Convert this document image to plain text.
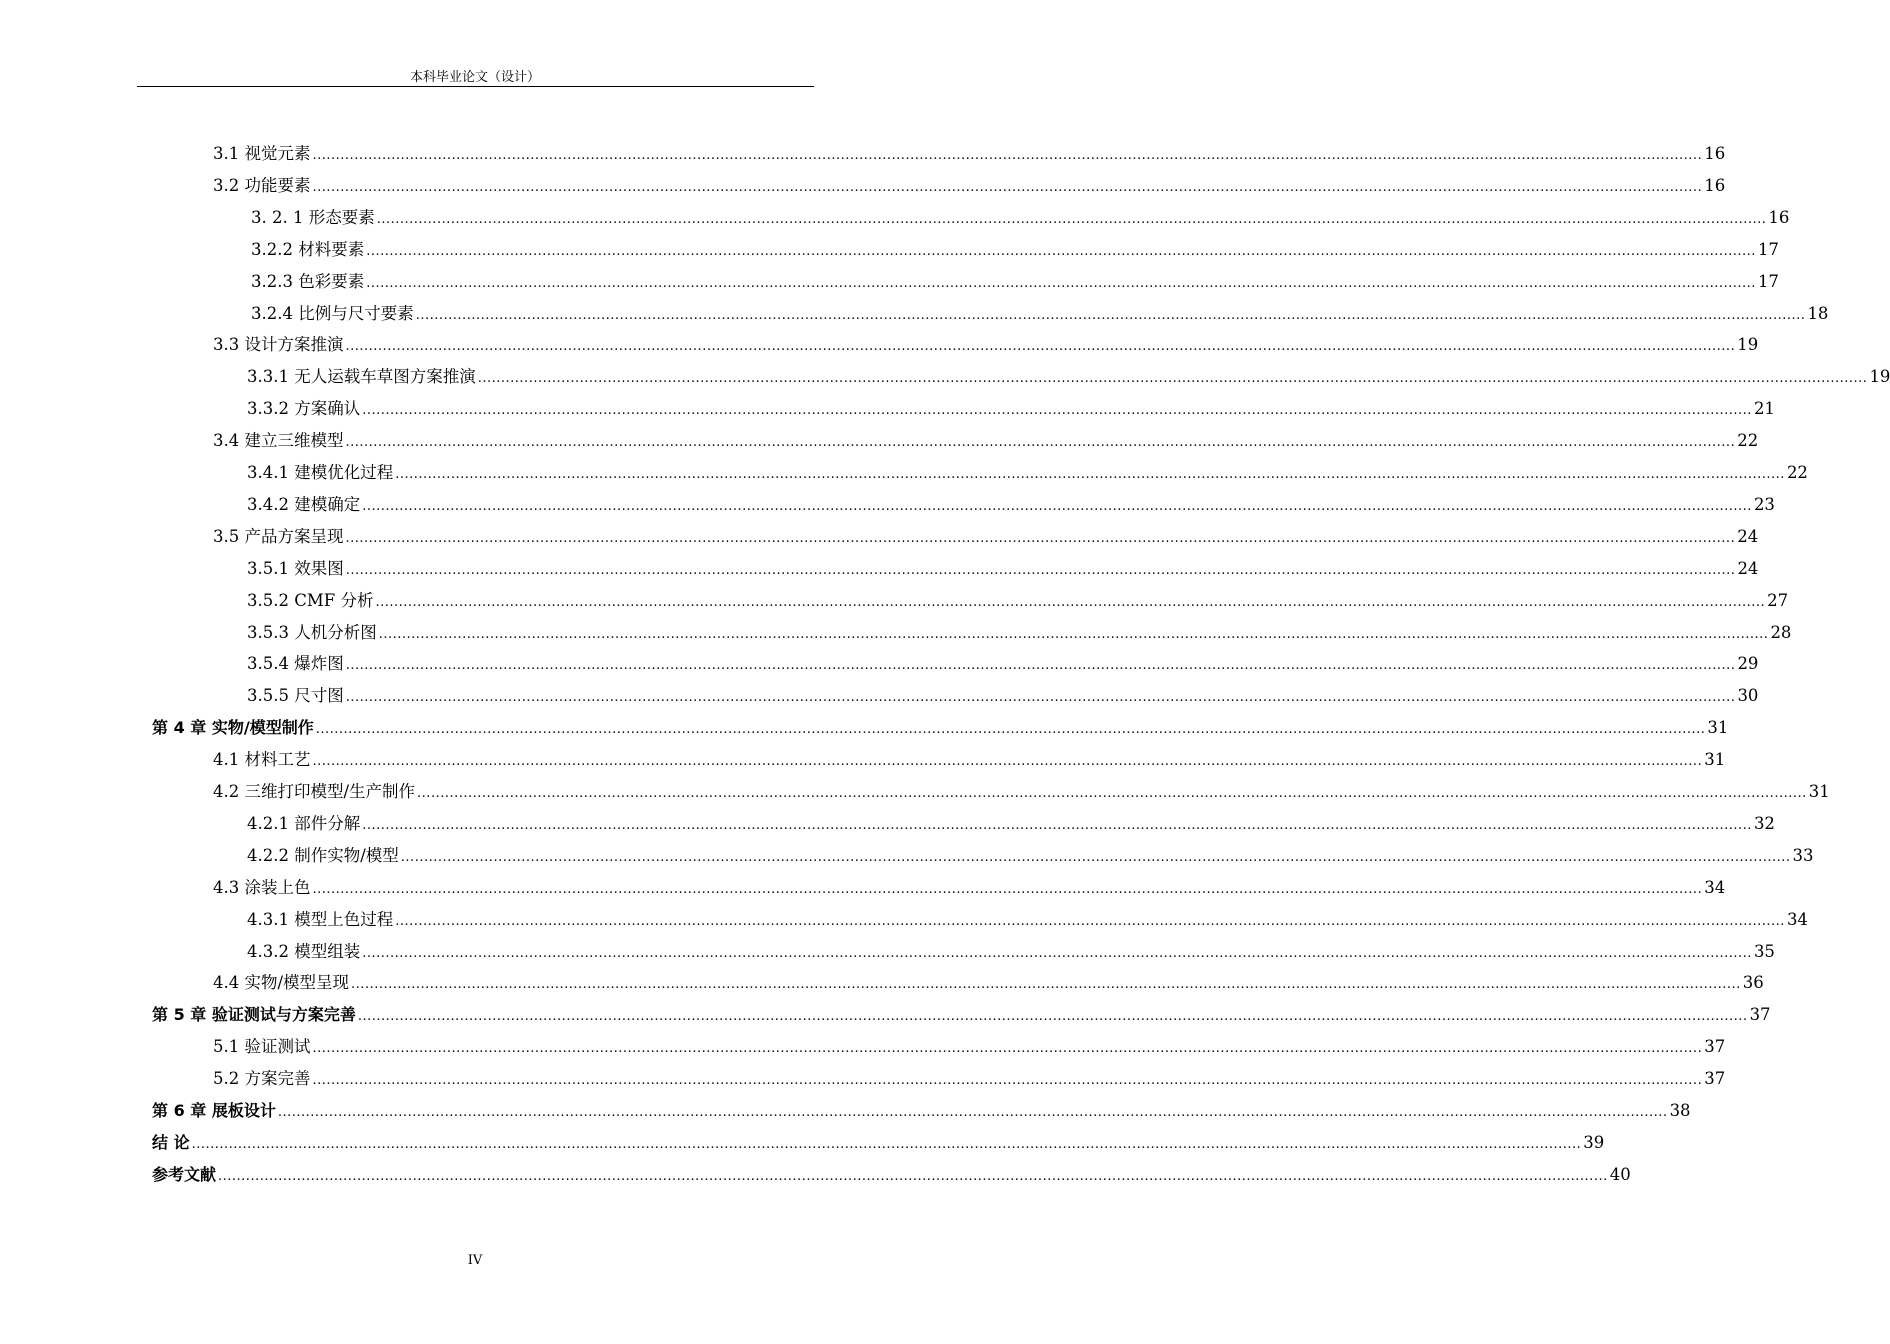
本科毕业论文（设计）
3.1 视觉元素 ............................................................................................................................................................................................................................................................................................................ 16
3.2 功能要素 ............................................................................................................................................................................................................................................................................................................ 16
3. 2. 1 形态要素 ............................................................................................................................................................................................................................................................................................................ 16
3.2.2 材料要素 ............................................................................................................................................................................................................................................................................................................ 17
3.2.3 色彩要素 ............................................................................................................................................................................................................................................................................................................ 17
3.2.4 比例与尺寸要素 ............................................................................................................................................................................................................................................................................................................ 18
3.3 设计方案推演 ............................................................................................................................................................................................................................................................................................................ 19
3.3.1 无人运载车草图方案推演 ............................................................................................................................................................................................................................................................................................................ 19
3.3.2 方案确认 ............................................................................................................................................................................................................................................................................................................ 21
3.4 建立三维模型 ............................................................................................................................................................................................................................................................................................................ 22
3.4.1 建模优化过程 ............................................................................................................................................................................................................................................................................................................ 22
3.4.2 建模确定 ............................................................................................................................................................................................................................................................................................................ 23
3.5 产品方案呈现 ............................................................................................................................................................................................................................................................................................................ 24
3.5.1 效果图 ............................................................................................................................................................................................................................................................................................................ 24
3.5.2 CMF 分析 ............................................................................................................................................................................................................................................................................................................ 27
3.5.3 人机分析图 ............................................................................................................................................................................................................................................................................................................ 28
3.5.4 爆炸图 ............................................................................................................................................................................................................................................................................................................ 29
3.5.5 尺寸图 ............................................................................................................................................................................................................................................................................................................ 30
第 4 章 实物/模型制作 ............................................................................................................................................................................................................................................................................................................ 31
4.1 材料工艺 ............................................................................................................................................................................................................................................................................................................ 31
4.2 三维打印模型/生产制作 ............................................................................................................................................................................................................................................................................................................ 31
4.2.1 部件分解 ............................................................................................................................................................................................................................................................................................................ 32
4.2.2 制作实物/模型 ............................................................................................................................................................................................................................................................................................................ 33
4.3 涂装上色 ............................................................................................................................................................................................................................................................................................................ 34
4.3.1 模型上色过程 ............................................................................................................................................................................................................................................................................................................ 34
4.3.2 模型组装 ............................................................................................................................................................................................................................................................................................................ 35
4.4 实物/模型呈现 ............................................................................................................................................................................................................................................................................................................ 36
第 5 章 验证测试与方案完善 ............................................................................................................................................................................................................................................................................................................ 37
5.1 验证测试 ............................................................................................................................................................................................................................................................................................................ 37
5.2 方案完善 ............................................................................................................................................................................................................................................................................................................ 37
第 6 章 展板设计 ............................................................................................................................................................................................................................................................................................................ 38
结 论 ............................................................................................................................................................................................................................................................................................................ 39
参考文献 ............................................................................................................................................................................................................................................................................................................ 40
IV
